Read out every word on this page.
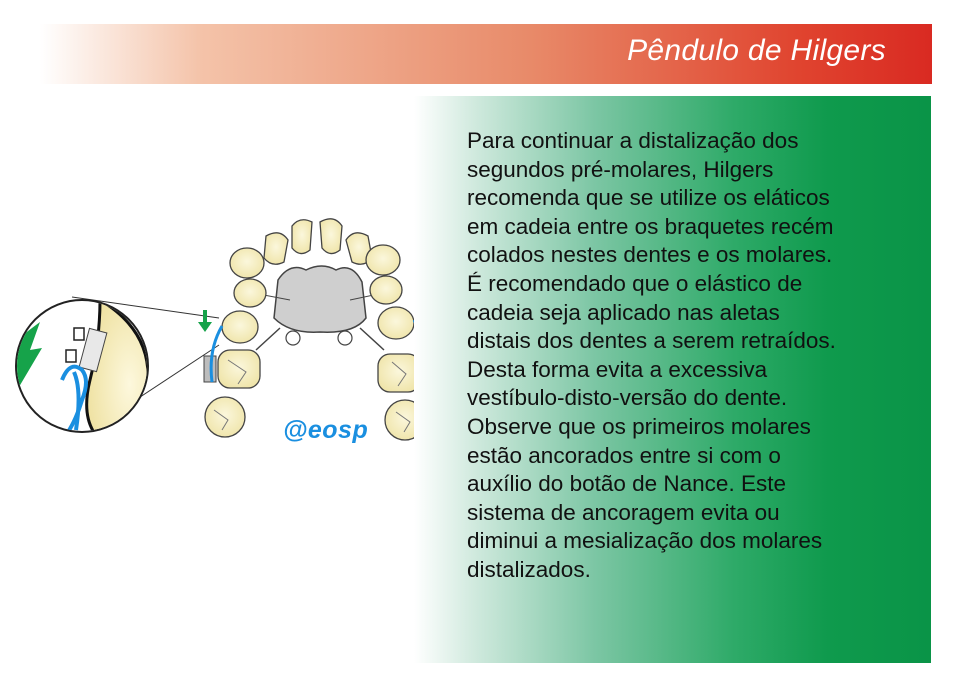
Pêndulo de Hilgers
@eosp
Para continuar a distalização dos
segundos pré-molares, Hilgers
recomenda que se utilize os eláticos
em cadeia entre os braquetes recém
colados nestes dentes e os molares.
É recomendado que o elástico de
cadeia seja aplicado nas aletas
distais dos dentes a serem retraídos.
Desta forma evita a excessiva
vestíbulo-disto-versão do dente.
Observe que os primeiros molares
estão ancorados entre si com o
auxílio do botão de Nance. Este
sistema de ancoragem evita ou
diminui a mesialização dos molares
distalizados.
